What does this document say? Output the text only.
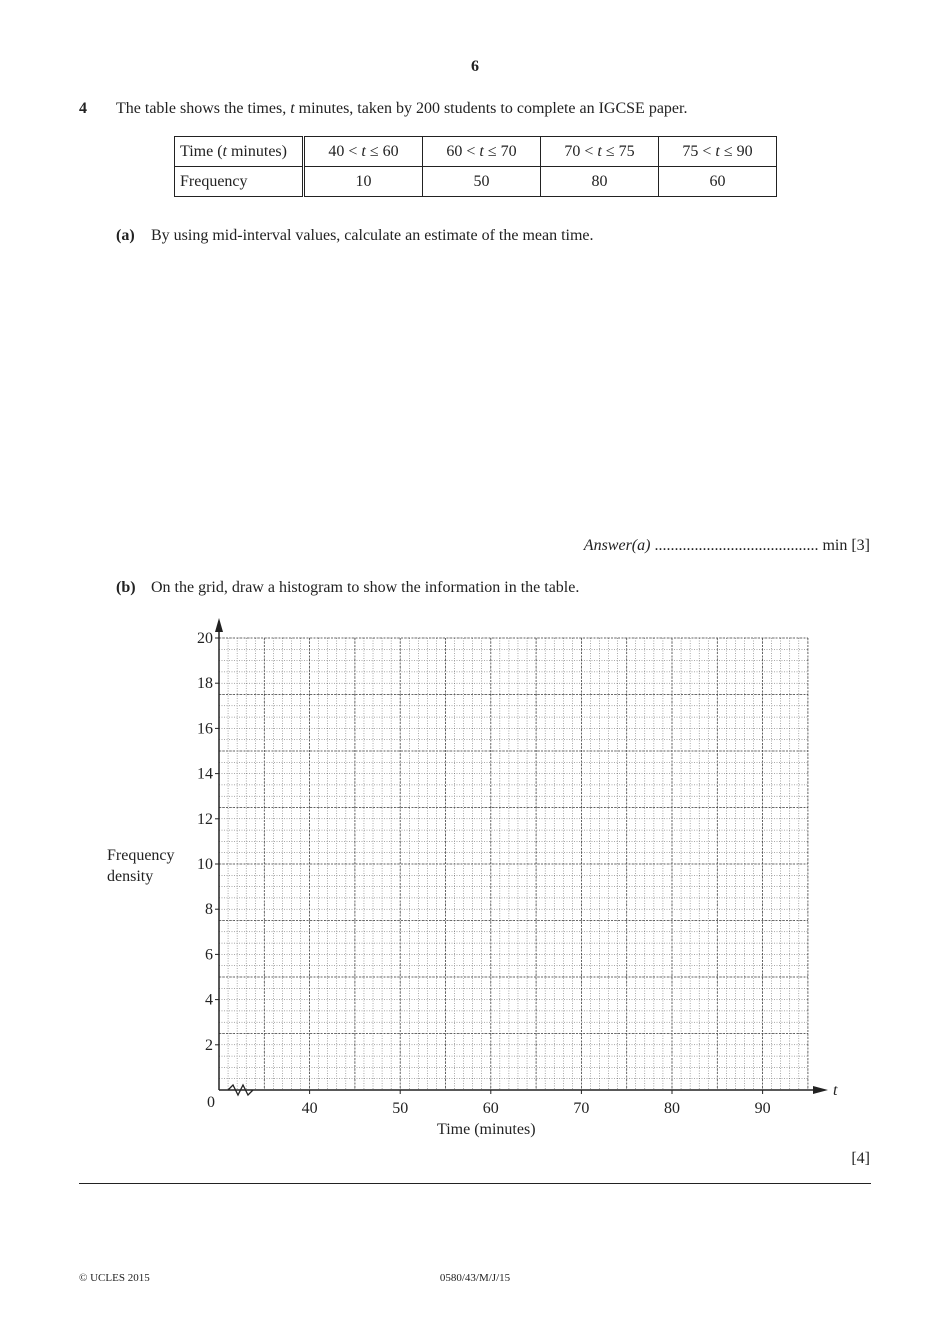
6
4 The table shows the times, t minutes, taken by 200 students to complete an IGCSE paper.
Time (t minutes)	40 < t ≤ 60	60 < t ≤ 70	70 < t ≤ 75	75 < t ≤ 90
Frequency	10	50	80	60
(a) By using mid-interval values, calculate an estimate of the mean time.
Answer(a) ......................................... min [3]
(b) On the grid, draw a histogram to show the information in the table.
Frequency
density
Time (minutes)
t
0
2
4
6
8
10
12
14
16
18
20
40	50	60	70	80	90
[4]
© UCLES 2015	0580/43/M/J/15
